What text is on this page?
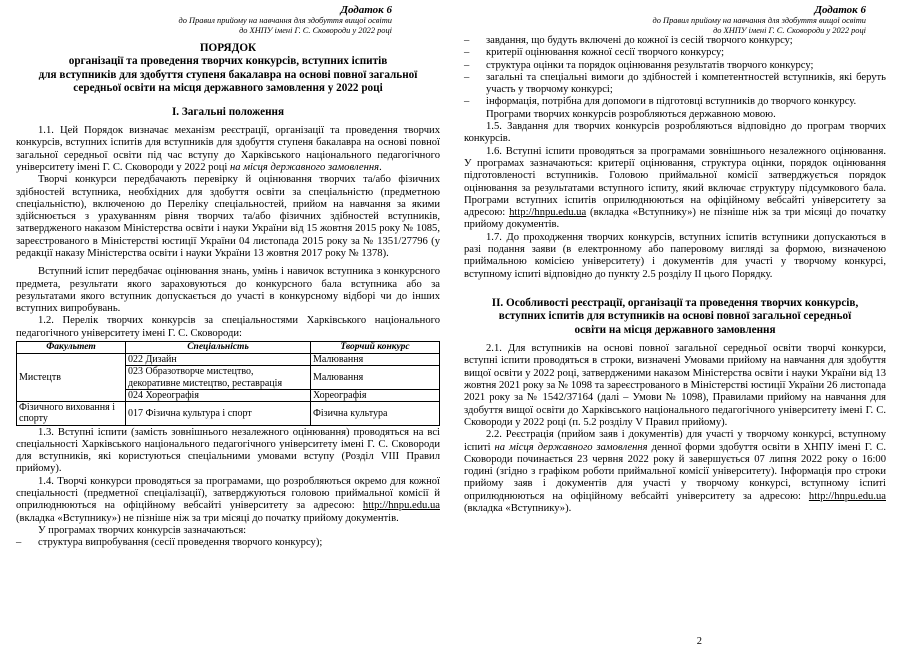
Додаток 6
до Правил прийому на навчання для здобуття вищої освіти
до ХНПУ імені Г. С. Сковороди у 2022 році
ПОРЯДОК
організації та проведення творчих конкурсів, вступних іспитів
для вступників для здобуття ступеня бакалавра на основі повної загальної
середньої освіти на місця державного замовлення у 2022 році
І. Загальні положення

1.1. Цей Порядок визначає механізм реєстрації, організації та проведення творчих конкурсів, вступних іспитів для вступників для здобуття ступеня бакалавра на основі повної загальної середньої освіти під час вступу до Харківського національного педагогічного університету імені Г. С. Сковороди у 2022 році на місця державного замовлення.

Творчі конкурси передбачають перевірку й оцінювання творчих та/або фізичних здібностей вступника, необхідних для здобуття освіти за спеціальністю (предметною спеціальністю), включеною до Переліку спеціальностей, прийом на навчання за якими здійснюється з урахуванням рівня творчих та/або фізичних здібностей вступників, затвердженого наказом Міністерства освіти і науки України від 15 жовтня 2015 року № 1085, зареєстрованого в Міністерстві юстиції України 04 листопада 2015 року за № 1351/27796 (у редакції наказу Міністерства освіти і науки України 13 жовтня 2017 року № 1378).

Вступний іспит передбачає оцінювання знань, умінь і навичок вступника з конкурсного предмета, результати якого зараховуються до конкурсного бала вступника або за результатами якого вступник допускається до участі в конкурсному відборі чи до інших вступних випробувань.

1.2. Перелік творчих конкурсів за спеціальностями Харківського національного педагогічного університету імені Г. С. Сковороди:

Факультет	Спеціальність	Творчий конкурс
Мистецтв	022 Дизайн	Малювання
	023 Образотворче мистецтво, декоративне мистецтво, реставрація	Малювання
	024 Хореографія	Хореографія
Фізичного виховання і спорту	017 Фізична культура і спорт	Фізична культура

1.3. Вступні іспити (замість зовнішнього незалежного оцінювання) проводяться на всі спеціальності Харківського національного педагогічного університету імені Г. С. Сковороди для вступників, які користуються спеціальними умовами вступу (Розділ VIII Правил прийому).

1.4. Творчі конкурси проводяться за програмами, що розробляються окремо для кожної спеціальності (предметної спеціалізації), затверджуються головою приймальної комісії й оприлюднюються на офіційному вебсайті університету за адресою: http://hnpu.edu.ua (вкладка «Вступнику») не пізніше ніж за три місяці до початку прийому документів.

У програмах творчих конкурсів зазначаються:

–	структура випробування (сесії проведення творчого конкурсу);
Додаток 6
до Правил прийому на навчання для здобуття вищої освіти
до ХНПУ імені Г. С. Сковороди у 2022 році
–	завдання, що будуть включені до кожної із сесій творчого конкурсу;
–	критерії оцінювання кожної сесії творчого конкурсу;
–	структура оцінки та порядок оцінювання результатів творчого конкурсу;
–	загальні та спеціальні вимоги до здібностей і компетентностей вступників, які беруть участь у творчому конкурсі;
–	інформація, потрібна для допомоги в підготовці вступників до творчого конкурсу.

Програми творчих конкурсів розробляються державною мовою.

1.5. Завдання для творчих конкурсів розробляються відповідно до програм творчих конкурсів.

1.6. Вступні іспити проводяться за програмами зовнішнього незалежного оцінювання. У програмах зазначаються: критерії оцінювання, структура оцінки, порядок оцінювання підготовленості вступників. Головою приймальної комісії затверджується порядок оцінювання за результатами вступного іспиту, який включає структуру підсумкового бала. Програми вступних іспитів оприлюднюються на офіційному вебсайті університету за адресою: http://hnpu.edu.ua (вкладка «Вступнику») не пізніше ніж за три місяці до початку прийому документів.

1.7. До проходження творчих конкурсів, вступних іспитів вступники допускаються в разі подання заяви (в електронному або паперовому вигляді за формою, визначеною приймальною комісією університету) і документів для участі у творчому конкурсі, вступному іспиті відповідно до пункту 2.5 розділу ІІ цього Порядку.

ІІ. Особливості реєстрації, організації та проведення творчих конкурсів,
вступних іспитів для вступників на основі повної загальної середньої
освіти на місця державного замовлення

2.1. Для вступників на основі повної загальної середньої освіти творчі конкурси, вступні іспити проводяться в строки, визначені Умовами прийому на навчання для здобуття вищої освіти у 2022 році, затвердженими наказом Міністерства освіти і науки України від 13 жовтня 2021 року за № 1098 та зареєстрованого в Міністерстві юстиції України 26 листопада 2021 року за № 1542/37164 (далі – Умови № 1098), Правилами прийому на навчання для здобуття вищої освіти до Харківського національного педагогічного університету імені Г. С. Сковороди у 2022 році (п. 5.2 розділу V Правил прийому).

2.2. Реєстрація (прийом заяв і документів) для участі у творчому конкурсі, вступному іспиті на місця державного замовлення денної форми здобуття освіти в ХНПУ імені Г. С. Сковороди починається 23 червня 2022 року й завершується 07 липня 2022 року о 16:00 годині (згідно з графіком роботи приймальної комісії університету). Інформація про строки прийому заяв і документів для участі у творчому конкурсі, вступному іспиті оприлюднюються на офіційному вебсайті університету за адресою: http://hnpu.edu.ua (вкладка «Вступнику»).

2
